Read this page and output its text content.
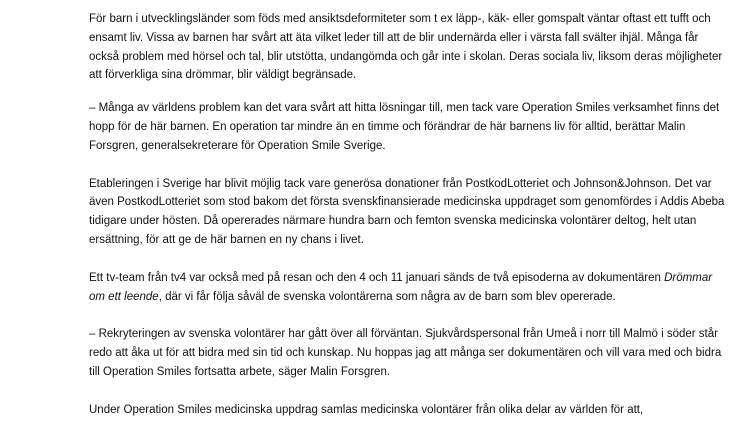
För barn i utvecklingsländer som föds med ansiktsdeformiteter som t ex läpp-, käk- eller gomspalt väntar oftast ett tufft och ensamt liv. Vissa av barnen har svårt att äta vilket leder till att de blir undernärda eller i värsta fall svälter ihjäl. Många får också problem med hörsel och tal, blir utstötta, undangömda och går inte i skolan. Deras sociala liv, liksom deras möjligheter att förverkliga sina drömmar, blir väldigt begränsade.

– Många av världens problem kan det vara svårt att hitta lösningar till, men tack vare Operation Smiles verksamhet finns det hopp för de här barnen. En operation tar mindre än en timme och förändrar de här barnens liv för alltid, berättar Malin Forsgren, generalsekreterare för Operation Smile Sverige.

Etableringen i Sverige har blivit möjlig tack vare generösa donationer från PostkodLotteriet och Johnson&Johnson. Det var även PostkodLotteriet som stod bakom det första svenskfinansierade medicinska uppdraget som genomfördes i Addis Abeba tidigare under hösten. Då opererades närmare hundra barn och femton svenska medicinska volontärer deltog, helt utan ersättning, för att ge de här barnen en ny chans i livet.

Ett tv-team från tv4 var också med på resan och den 4 och 11 januari sänds de två episoderna av dokumentären Drömmar om ett leende, där vi får följa såväl de svenska volontärerna som några av de barn som blev opererade.

– Rekryteringen av svenska volontärer har gått över all förväntan. Sjukvårdspersonal från Umeå i norr till Malmö i söder står redo att åka ut för att bidra med sin tid och kunskap. Nu hoppas jag att många ser dokumentären och vill vara med och bidra till Operation Smiles fortsatta arbete, säger Malin Forsgren.

Under Operation Smiles medicinska uppdrag samlas medicinska volontärer från olika delar av världen för att,
